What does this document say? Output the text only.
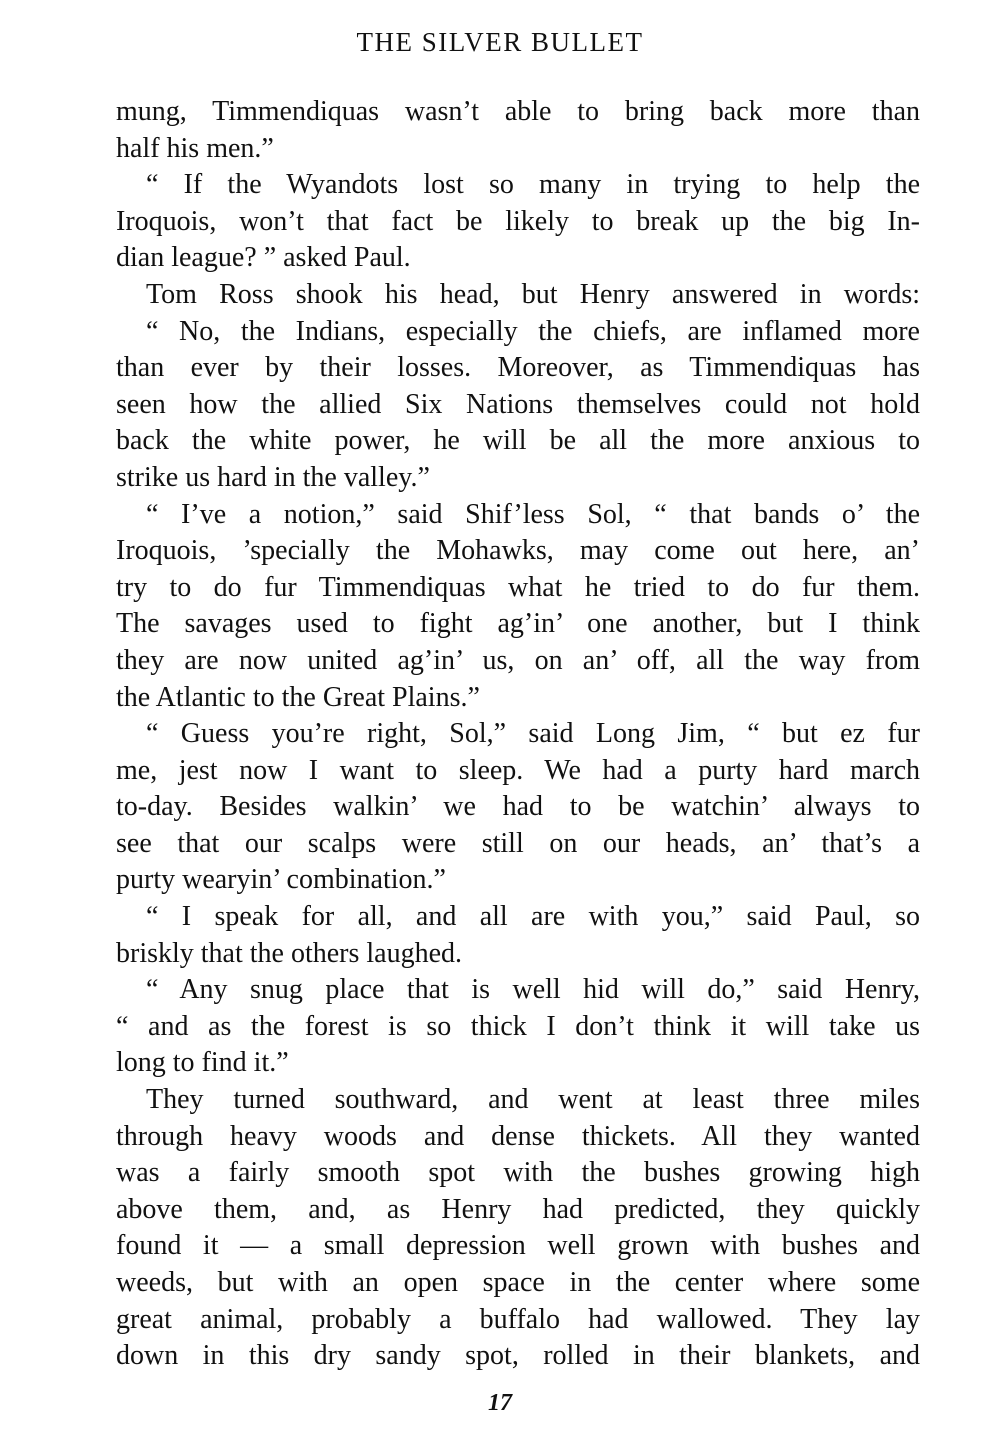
THE SILVER BULLET
mung, Timmendiquas wasn’t able to bring back more than
half his men.”
“ If the Wyandots lost so many in trying to help the
Iroquois, won’t that fact be likely to break up the big In-
dian league? ” asked Paul.
Tom Ross shook his head, but Henry answered in words:
“ No, the Indians, especially the chiefs, are inflamed more
than ever by their losses. Moreover, as Timmendiquas has
seen how the allied Six Nations themselves could not hold
back the white power, he will be all the more anxious to
strike us hard in the valley.”
“ I’ve a notion,” said Shif’less Sol, “ that bands o’ the
Iroquois, ’specially the Mohawks, may come out here, an’
try to do fur Timmendiquas what he tried to do fur them.
The savages used to fight ag’in’ one another, but I think
they are now united ag’in’ us, on an’ off, all the way from
the Atlantic to the Great Plains.”
“ Guess you’re right, Sol,” said Long Jim, “ but ez fur
me, jest now I want to sleep. We had a purty hard march
to-day. Besides walkin’ we had to be watchin’ always to
see that our scalps were still on our heads, an’ that’s a
purty wearyin’ combination.”
“ I speak for all, and all are with you,” said Paul, so
briskly that the others laughed.
“ Any snug place that is well hid will do,” said Henry,
“ and as the forest is so thick I don’t think it will take us
long to find it.”
They turned southward, and went at least three miles
through heavy woods and dense thickets. All they wanted
was a fairly smooth spot with the bushes growing high
above them, and, as Henry had predicted, they quickly
found it — a small depression well grown with bushes and
weeds, but with an open space in the center where some
great animal, probably a buffalo had wallowed. They lay
down in this dry sandy spot, rolled in their blankets, and
17
